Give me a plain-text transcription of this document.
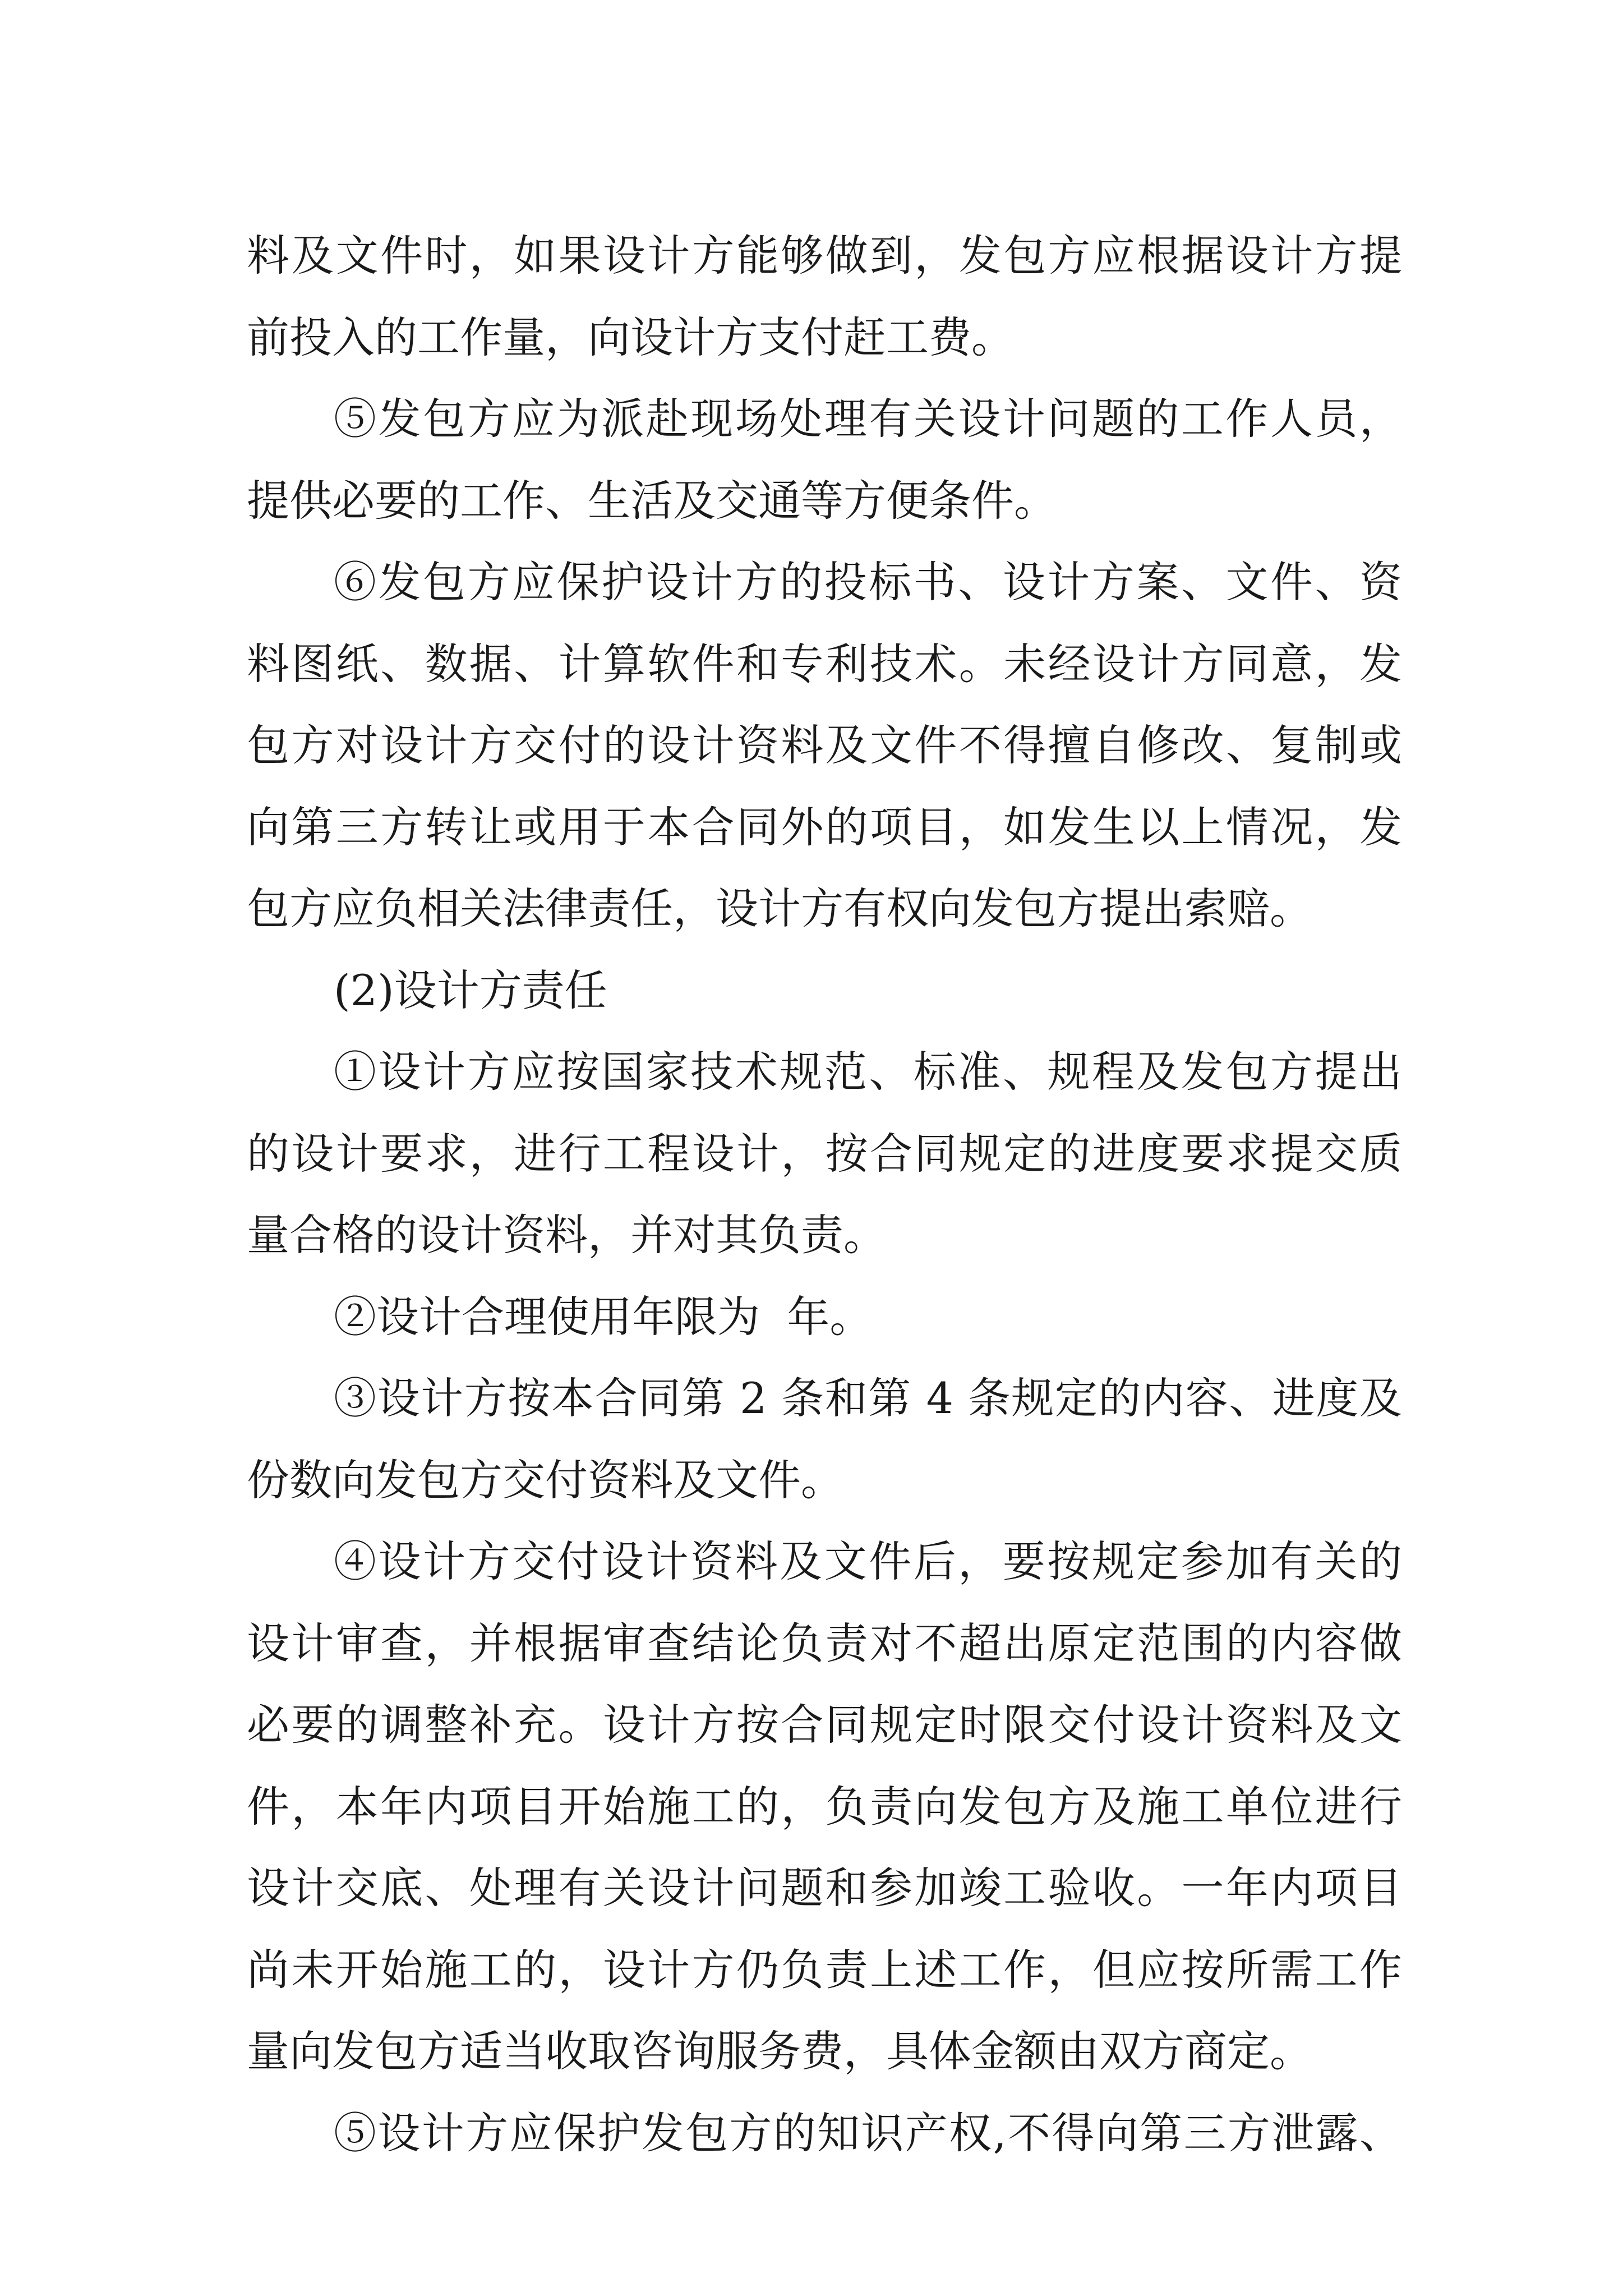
料及文件时，如果设计方能够做到，发包方应根据设计方提
前投入的工作量，向设计方支付赶工费。
⑤发包方应为派赴现场处理有关设计问题的工作人员，
提供必要的工作、生活及交通等方便条件。
⑥发包方应保护设计方的投标书、设计方案、文件、资
料图纸、数据、计算软件和专利技术。未经设计方同意，发
包方对设计方交付的设计资料及文件不得擅自修改、复制或
向第三方转让或用于本合同外的项目，如发生以上情况，发
包方应负相关法律责任，设计方有权向发包方提出索赔。
(2)设计方责任
①设计方应按国家技术规范、标准、规程及发包方提出
的设计要求，进行工程设计，按合同规定的进度要求提交质
量合格的设计资料，并对其负责。
②设计合理使用年限为  年。
③设计方按本合同第 2 条和第 4 条规定的内容、进度及
份数向发包方交付资料及文件。
④设计方交付设计资料及文件后，要按规定参加有关的
设计审查，并根据审查结论负责对不超出原定范围的内容做
必要的调整补充。设计方按合同规定时限交付设计资料及文
件，本年内项目开始施工的，负责向发包方及施工单位进行
设计交底、处理有关设计问题和参加竣工验收。一年内项目
尚未开始施工的，设计方仍负责上述工作，但应按所需工作
量向发包方适当收取咨询服务费，具体金额由双方商定。
⑤设计方应保护发包方的知识产权,不得向第三方泄露、
